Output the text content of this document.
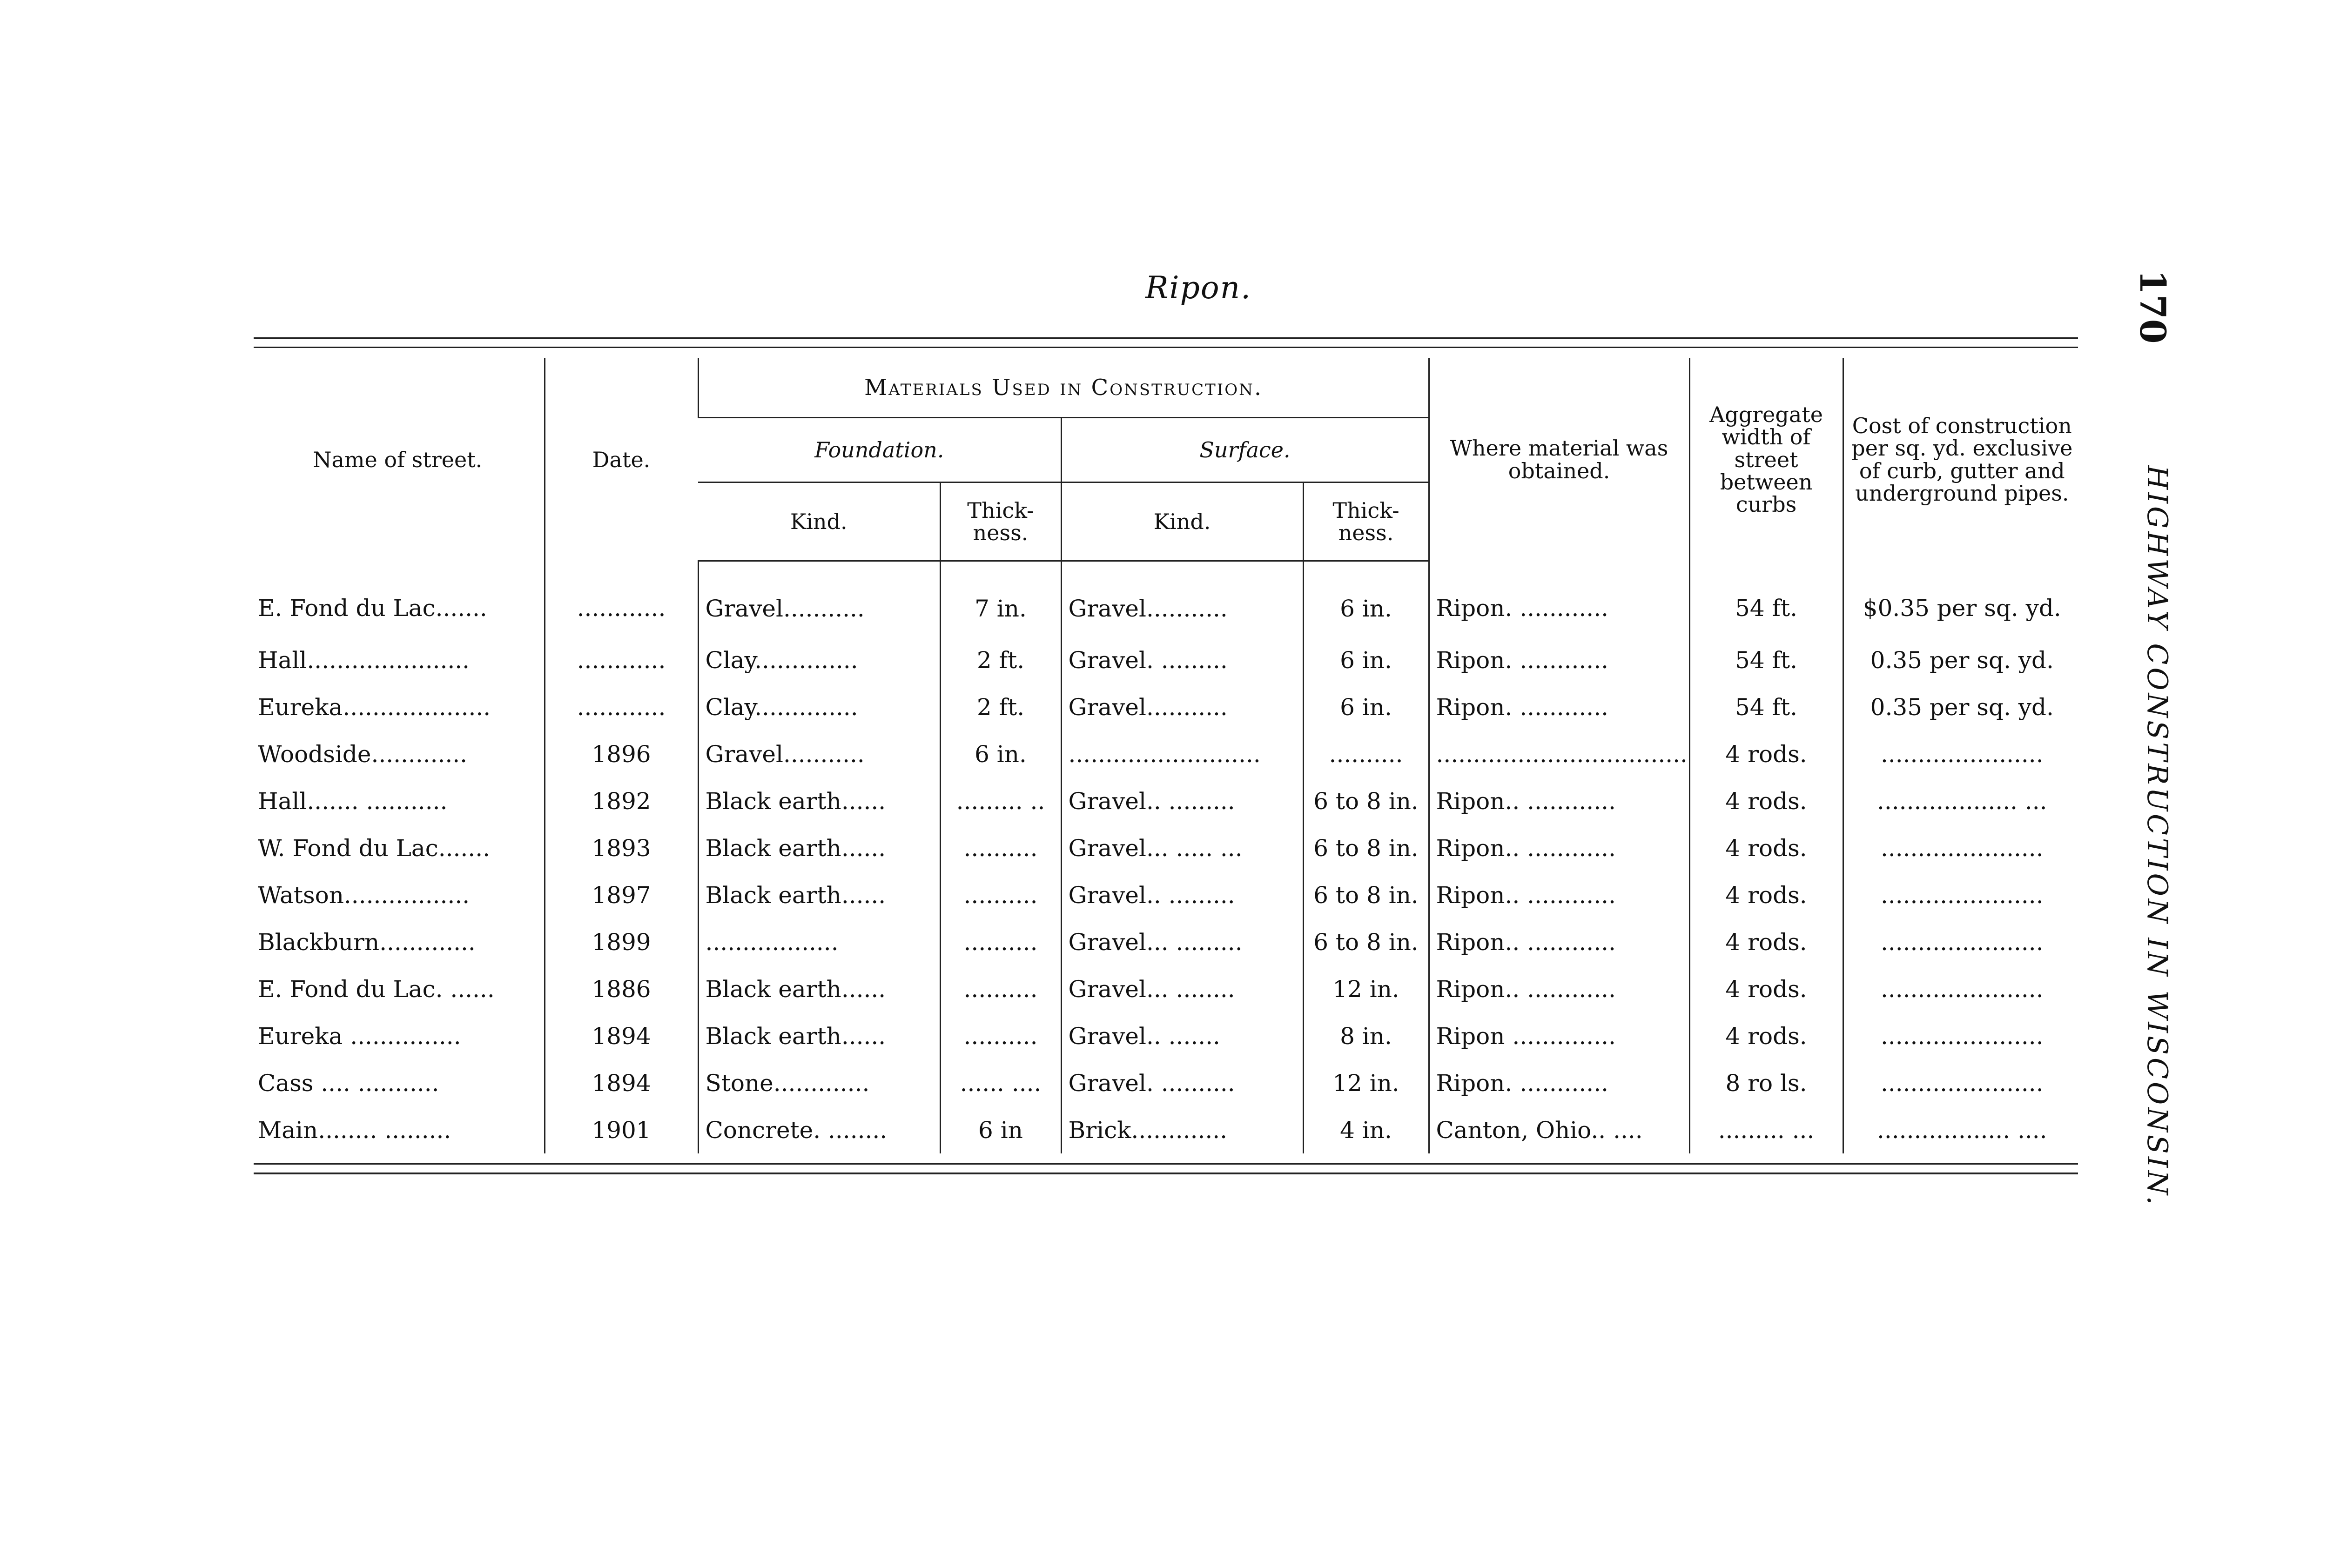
Ripon.	170
HIGHWAY CONSTRUCTION IN WISCONSIN.
Name of street.	Date.	Materials Used in Construction.				Where material was obtained.	Aggregate width of street between curbs	Cost of construction per sq. yd. exclusive of curb, gutter and underground pipes.
		Foundation.		Surface.				
		Kind.	Thick-ness.	Kind.	Thick-ness.			
E. Fond du Lac.......	............	Gravel...........	7 in.	Gravel...........	6 in.	Ripon. ............	54 ft.	$0.35 per sq. yd.
Hall......................	............	Clay..............	2 ft.	Gravel. .........	6 in.	Ripon. ............	54 ft.	0.35 per sq. yd.
Eureka....................	............	Clay..............	2 ft.	Gravel...........	6 in.	Ripon. ............	54 ft.	0.35 per sq. yd.
Woodside.............	1896	Gravel...........	6 in.	..........................	..........	..................................	4 rods.	......................
Hall....... ...........	1892	Black earth......	......... ..	Gravel.. .........	6 to 8 in.	Ripon.. ............	4 rods.	................... ...
W. Fond du Lac.......	1893	Black earth......	..........	Gravel... ..... ...	6 to 8 in.	Ripon.. ............	4 rods.	......................
Watson.................	1897	Black earth......	..........	Gravel.. .........	6 to 8 in.	Ripon.. ............	4 rods.	......................
Blackburn.............	1899	..................	..........	Gravel... .........	6 to 8 in.	Ripon.. ............	4 rods.	......................
E. Fond du Lac. ......	1886	Black earth......	..........	Gravel... ........	12 in.	Ripon.. ............	4 rods.	......................
Eureka ...............	1894	Black earth......	..........	Gravel.. .......	8 in.	Ripon ..............	4 rods.	......................
Cass .... ...........	1894	Stone.............	...... ....	Gravel. ..........	12 in.	Ripon. ............	8 ro ls.	......................
Main........ .........	1901	Concrete. ........	6 in	Brick.............	4 in.	Canton, Ohio.. ....	......... ...	.................. ....
